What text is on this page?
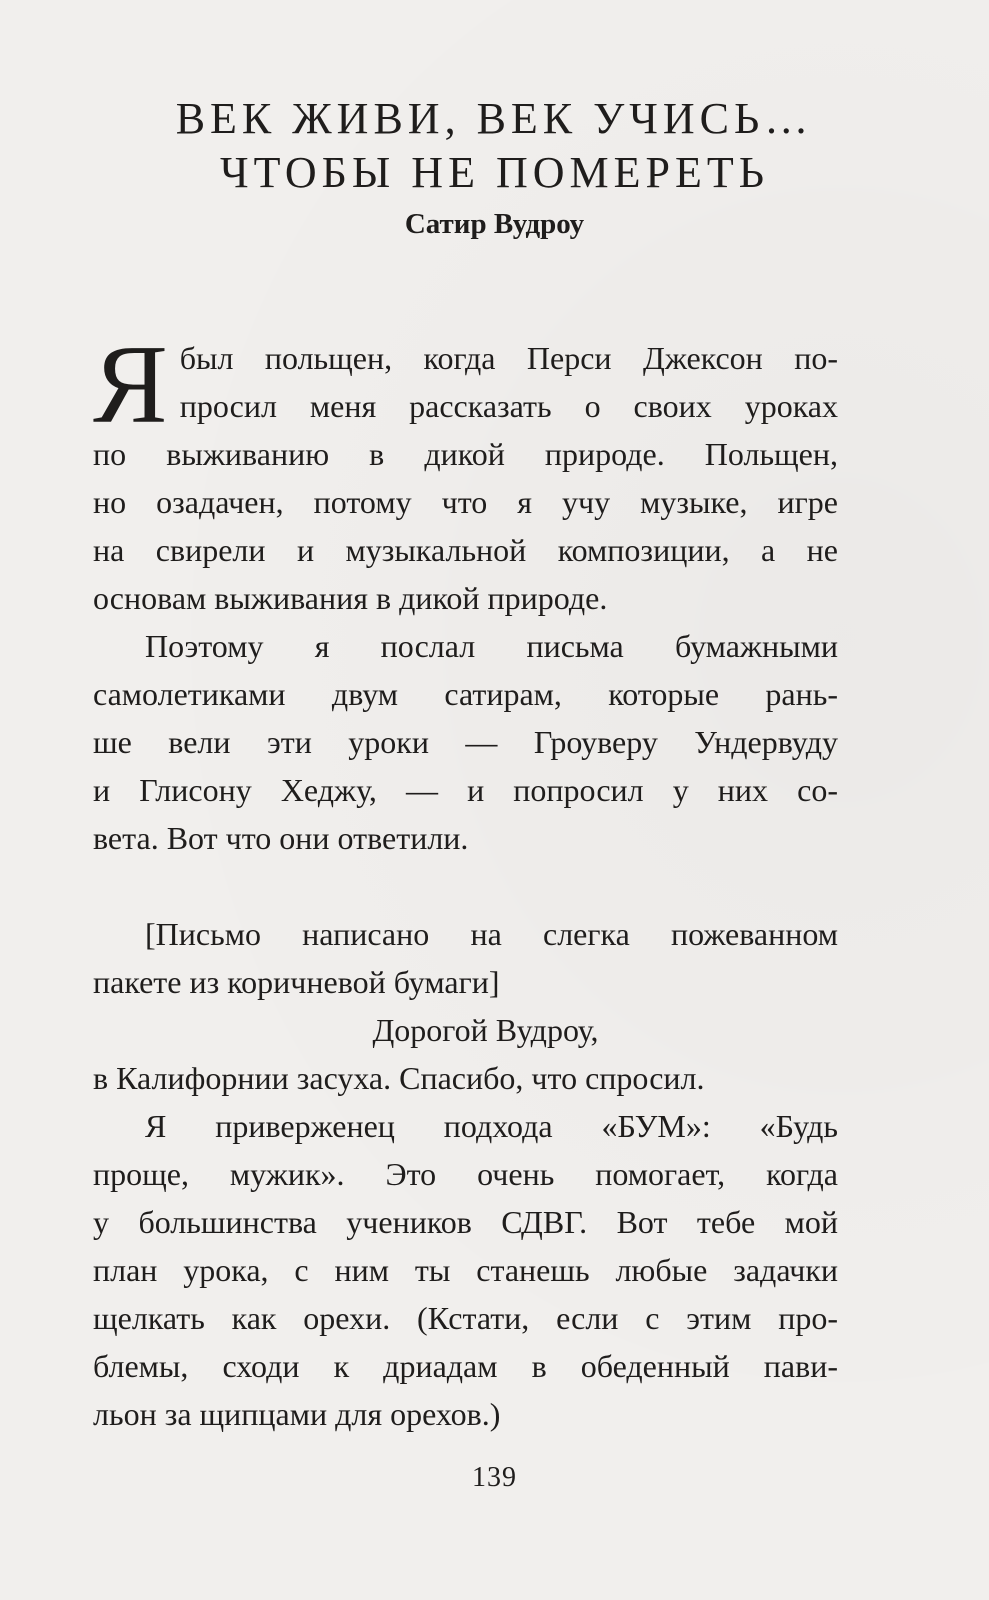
ВЕК ЖИВИ, ВЕК УЧИСЬ…
ЧТОБЫ НЕ ПОМЕРЕТЬ
Сатир Вудроу
Я был польщен, когда Перси Джексон по-
просил меня рассказать о своих уроках
по выживанию в дикой природе. Польщен,
но озадачен, потому что я учу музыке, игре
на свирели и музыкальной композиции, а не
основам выживания в дикой природе.
Поэтому я послал письма бумажными
самолетиками двум сатирам, которые рань-
ше вели эти уроки — Гроуверу Ундервуду
и Глисону Хеджу, — и попросил у них со-
вета. Вот что они ответили.
[Письмо написано на слегка пожеванном
пакете из коричневой бумаги]
Дорогой Вудроу,
в Калифорнии засуха. Спасибо, что спросил.
Я приверженец подхода «БУМ»: «Будь
проще, мужик». Это очень помогает, когда
у большинства учеников СДВГ. Вот тебе мой
план урока, с ним ты станешь любые задачки
щелкать как орехи. (Кстати, если с этим про-
блемы, сходи к дриадам в обеденный пави-
льон за щипцами для орехов.)
139
